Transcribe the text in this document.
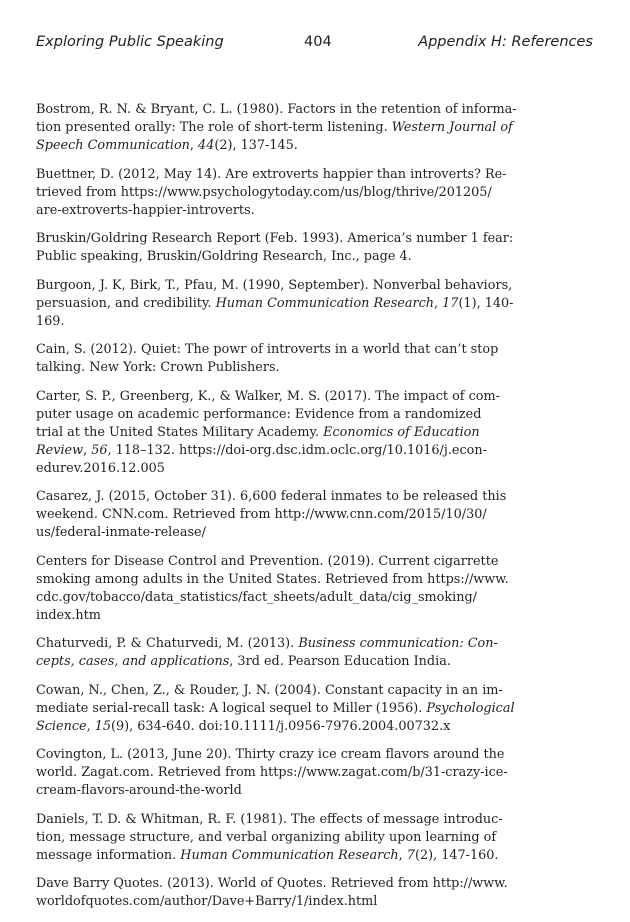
Exploring Public Speaking	404	Appendix H: References
Bostrom, R. N. & Bryant, C. L. (1980). Factors in the retention of informa-
tion presented orally: The role of short-term listening. Western Journal of
Speech Communication, 44(2), 137-145.
Buettner, D. (2012, May 14). Are extroverts happier than introverts? Re-
trieved from https://www.psychologytoday.com/us/blog/thrive/201205/
are-extroverts-happier-introverts.
Bruskin/Goldring Research Report (Feb. 1993). America’s number 1 fear:
Public speaking, Bruskin/Goldring Research, Inc., page 4.
Burgoon, J. K, Birk, T., Pfau, M. (1990, September). Nonverbal behaviors,
persuasion, and credibility. Human Communication Research, 17(1), 140-
169.
Cain, S. (2012). Quiet: The powr of introverts in a world that can’t stop
talking. New York: Crown Publishers.
Carter, S. P., Greenberg, K., & Walker, M. S. (2017). The impact of com-
puter usage on academic performance: Evidence from a randomized
trial at the United States Military Academy. Economics of Education
Review, 56, 118–132. https://doi-org.dsc.idm.oclc.org/10.1016/j.econ-
edurev.2016.12.005
Casarez, J. (2015, October 31). 6,600 federal inmates to be released this
weekend. CNN.com. Retrieved from http://www.cnn.com/2015/10/30/
us/federal-inmate-release/
Centers for Disease Control and Prevention. (2019). Current cigarrette
smoking among adults in the United States. Retrieved from https://www.
cdc.gov/tobacco/data_statistics/fact_sheets/adult_data/cig_smoking/
index.htm
Chaturvedi, P. & Chaturvedi, M. (2013). Business communication: Con-
cepts, cases, and applications, 3rd ed. Pearson Education India.
Cowan, N., Chen, Z., & Rouder, J. N. (2004). Constant capacity in an im-
mediate serial-recall task: A logical sequel to Miller (1956). Psychological
Science, 15(9), 634-640. doi:10.1111/j.0956-7976.2004.00732.x
Covington, L. (2013, June 20). Thirty crazy ice cream flavors around the
world. Zagat.com. Retrieved from https://www.zagat.com/b/31-crazy-ice-
cream-flavors-around-the-world
Daniels, T. D. & Whitman, R. F. (1981). The effects of message introduc-
tion, message structure, and verbal organizing ability upon learning of
message information. Human Communication Research, 7(2), 147-160.
Dave Barry Quotes. (2013). World of Quotes. Retrieved from http://www.
worldofquotes.com/author/Dave+Barry/1/index.html
